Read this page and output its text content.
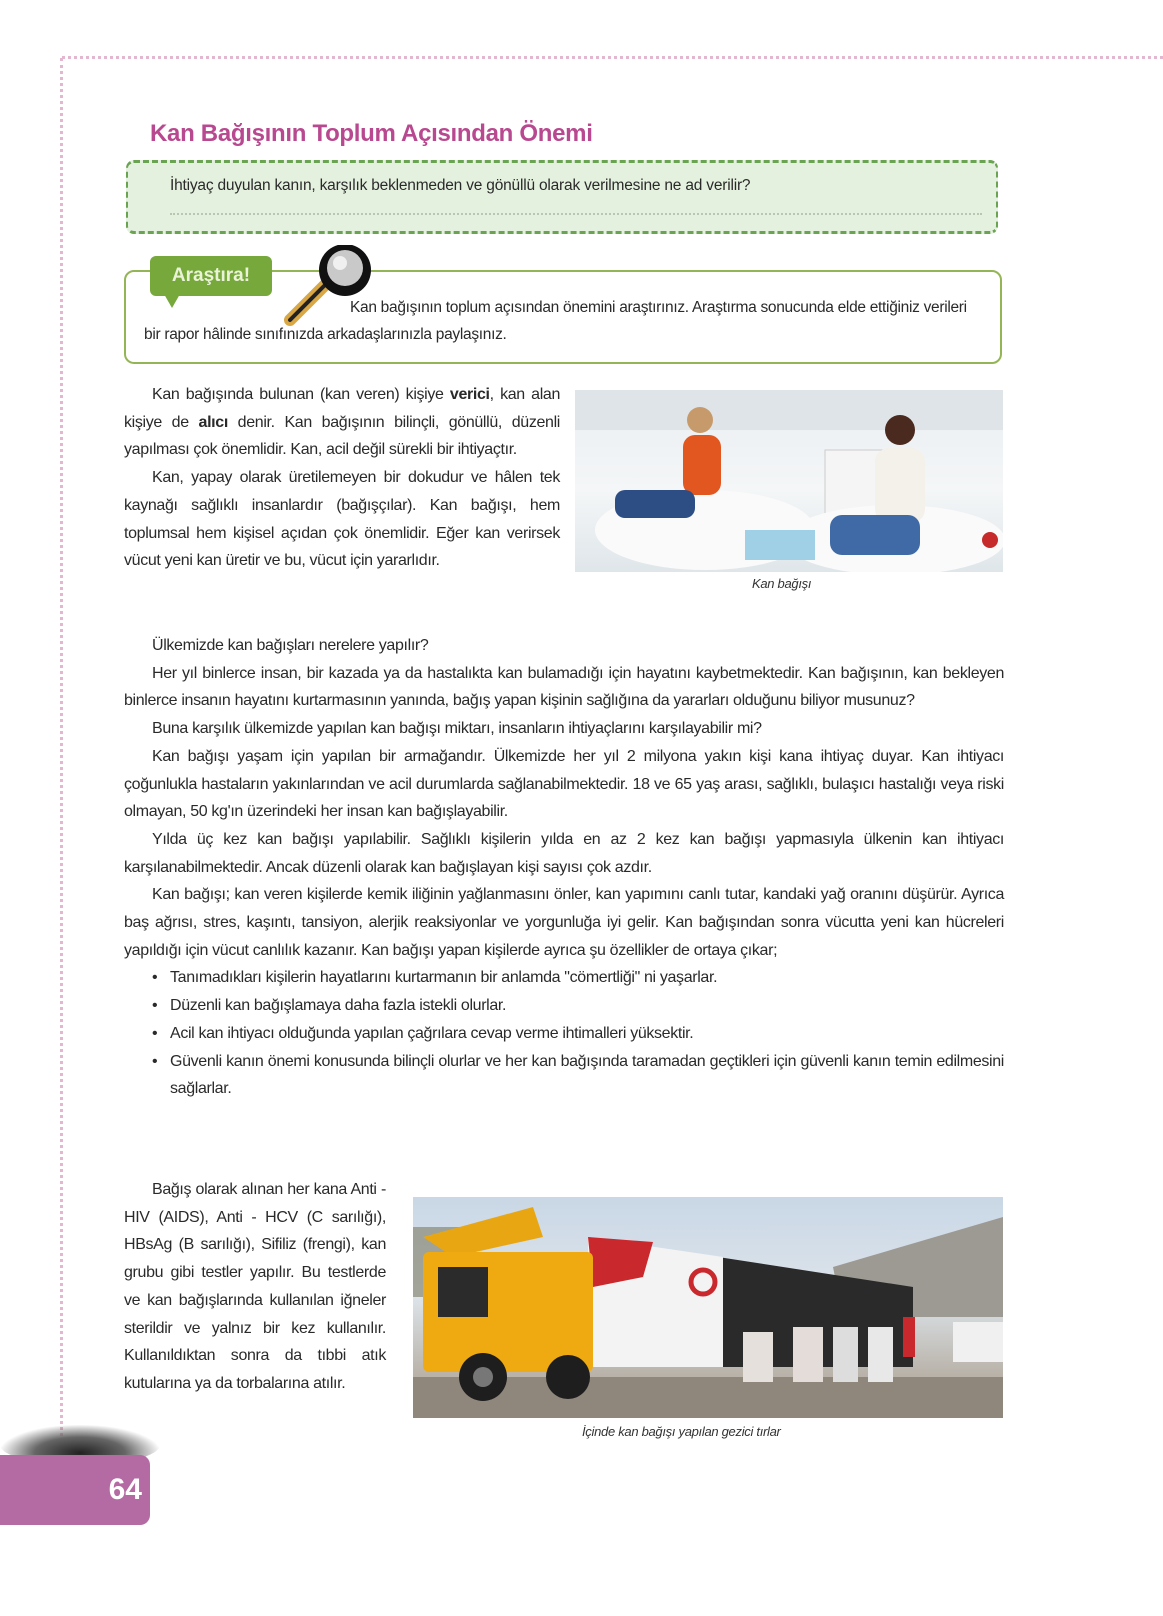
Kan Bağışının Toplum Açısından Önemi
İhtiyaç duyulan kanın, karşılık beklenmeden ve gönüllü olarak verilmesine ne ad verilir?
Kan bağışının toplum açısından önemini araştırınız. Araştırma sonucunda elde ettiğiniz verileri bir rapor hâlinde sınıfınızda arkadaşlarınızla paylaşınız.
Araştıra!

Kan bağışında bulunan (kan veren) kişiye verici, kan alan kişiye de alıcı denir. Kan bağışının bilinçli, gönüllü, düzenli yapılması çok önemlidir. Kan, acil değil sürekli bir ihtiyaçtır.

Kan, yapay olarak üretilemeyen bir dokudur ve hâlen tek kaynağı sağlıklı insanlardır (bağışçılar). Kan bağışı, hem toplumsal hem kişisel açıdan çok önemlidir. Eğer kan verirsek vücut yeni kan üretir ve bu, vücut için yararlıdır.

Kan bağışı

Ülkemizde kan bağışları nerelere yapılır?

Her yıl binlerce insan, bir kazada ya da hastalıkta kan bulamadığı için hayatını kaybetmektedir. Kan bağışının, kan bekleyen binlerce insanın hayatını kurtarmasının yanında, bağış yapan kişinin sağlığına da yararları olduğunu biliyor musunuz?

Buna karşılık ülkemizde yapılan kan bağışı miktarı, insanların ihtiyaçlarını karşılayabilir mi?

Kan bağışı yaşam için yapılan bir armağandır. Ülkemizde her yıl 2 milyona yakın kişi kana ihtiyaç duyar. Kan ihtiyacı çoğunlukla hastaların yakınlarından ve acil durumlarda sağlanabilmektedir. 18 ve 65 yaş arası, sağlıklı, bulaşıcı hastalığı veya riski olmayan, 50 kg'ın üzerindeki her insan kan bağışlayabilir.

Yılda üç kez kan bağışı yapılabilir. Sağlıklı kişilerin yılda en az 2 kez kan bağışı yapmasıyla ülkenin kan ihtiyacı karşılanabilmektedir. Ancak düzenli olarak kan bağışlayan kişi sayısı çok azdır.

Kan bağışı; kan veren kişilerde kemik iliğinin yağlanmasını önler, kan yapımını canlı tutar, kandaki yağ oranını düşürür. Ayrıca baş ağrısı, stres, kaşıntı, tansiyon, alerjik reaksiyonlar ve yorgunluğa iyi gelir. Kan bağışından sonra vücutta yeni kan hücreleri yapıldığı için vücut canlılık kazanır. Kan bağışı yapan kişilerde ayrıca şu özellikler de ortaya çıkar;

• Tanımadıkları kişilerin hayatlarını kurtarmanın bir anlamda "cömertliği" ni yaşarlar.
• Düzenli kan bağışlamaya daha fazla istekli olurlar.
• Acil kan ihtiyacı olduğunda yapılan çağrılara cevap verme ihtimalleri yüksektir.
• Güvenli kanın önemi konusunda bilinçli olurlar ve her kan bağışında taramadan geçtikleri için güvenli kanın temin edilmesini sağlarlar.

Bağış olarak alınan her kana Anti - HIV (AIDS), Anti - HCV (C sarılığı), HBsAg (B sarılığı), Sifiliz (frengi), kan grubu gibi testler yapılır. Bu testlerde ve kan bağışlarında kullanılan iğneler sterildir ve yalnız bir kez kullanılır. Kullanıldıktan sonra da tıbbi atık kutularına ya da torbalarına atılır.

İçinde kan bağışı yapılan gezici tırlar
64
